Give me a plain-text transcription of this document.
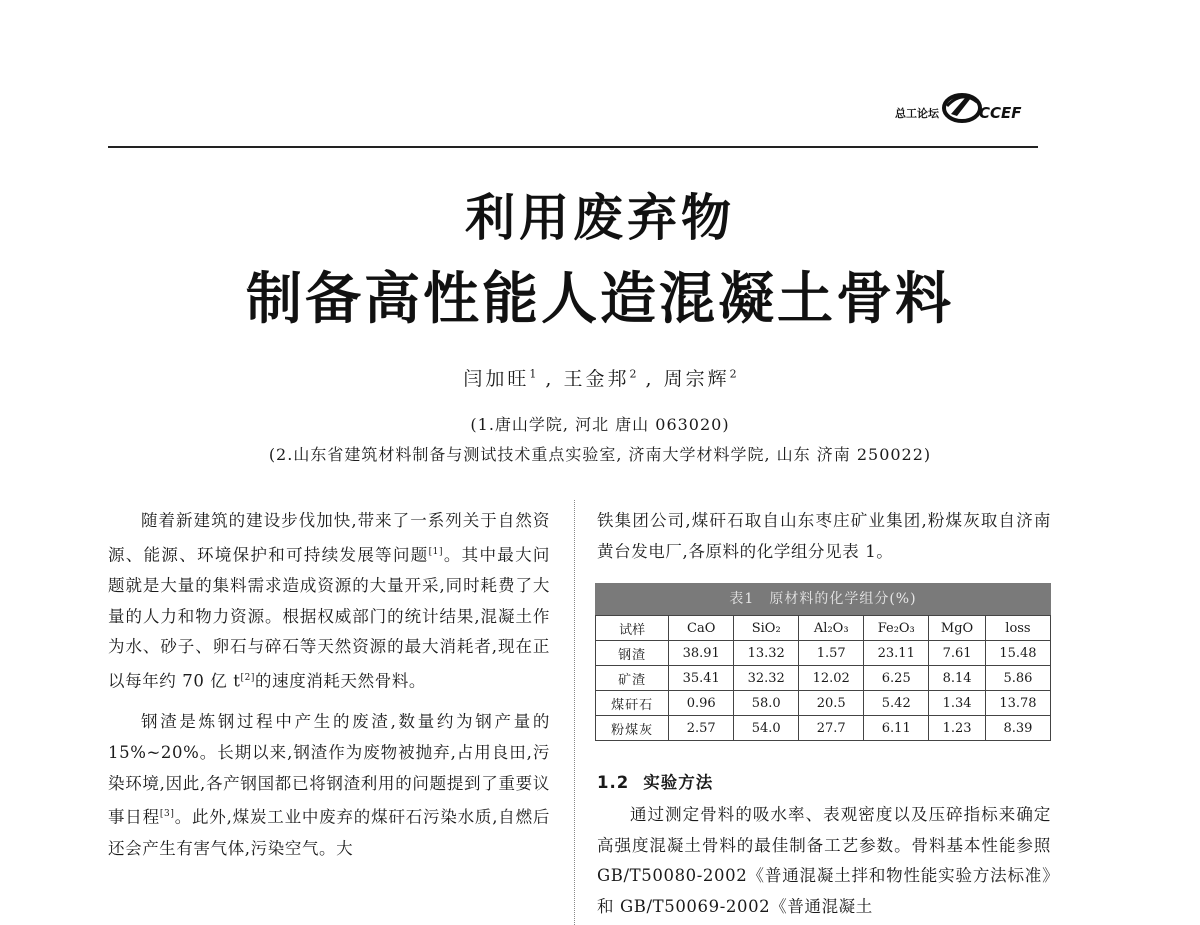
总工论坛	CCEF
利用废弃物
制备高性能人造混凝土骨料
闫加旺$^1$ , 王金邦$^2$ , 周宗辉$^2$
(1.唐山学院, 河北 唐山 063020)
(2.山东省建筑材料制备与测试技术重点实验室, 济南大学材料学院, 山东 济南 250022)

随着新建筑的建设步伐加快,带来了一系列关于自然资源、能源、环境保护和可持续发展等问题[1]。其中最大问题就是大量的集料需求造成资源的大量开采,同时耗费了大量的人力和物力资源。根据权威部门的统计结果,混凝土作为水、砂子、卵石与碎石等天然资源的最大消耗者,现在正以每年约 70 亿 t[2]的速度消耗天然骨料。

钢渣是炼钢过程中产生的废渣,数量约为钢产量的 15%~20%。长期以来,钢渣作为废物被抛弃,占用良田,污染环境,因此,各产钢国都已将钢渣利用的问题提到了重要议事日程[3]。此外,煤炭工业中废弃的煤矸石污染水质,自燃后还会产生有害气体,污染空气。大

铁集团公司,煤矸石取自山东枣庄矿业集团,粉煤灰取自济南黄台发电厂,各原料的化学组分见表 1。

表1　原材料的化学组分(%)
试样	CaO	SiO₂	Al₂O₃	Fe₂O₃	MgO	loss
钢渣	38.91	13.32	1.57	23.11	7.61	15.48
矿渣	35.41	32.32	12.02	6.25	8.14	5.86
煤矸石	0.96	58.0	20.5	5.42	1.34	13.78
粉煤灰	2.57	54.0	27.7	6.11	1.23	8.39
1.2 实验方法

通过测定骨料的吸水率、表观密度以及压碎指标来确定高强度混凝土骨料的最佳制备工艺参数。骨料基本性能参照 GB/T50080-2002《普通混凝土拌和物性能实验方法标准》和 GB/T50069-2002《普通混凝土
